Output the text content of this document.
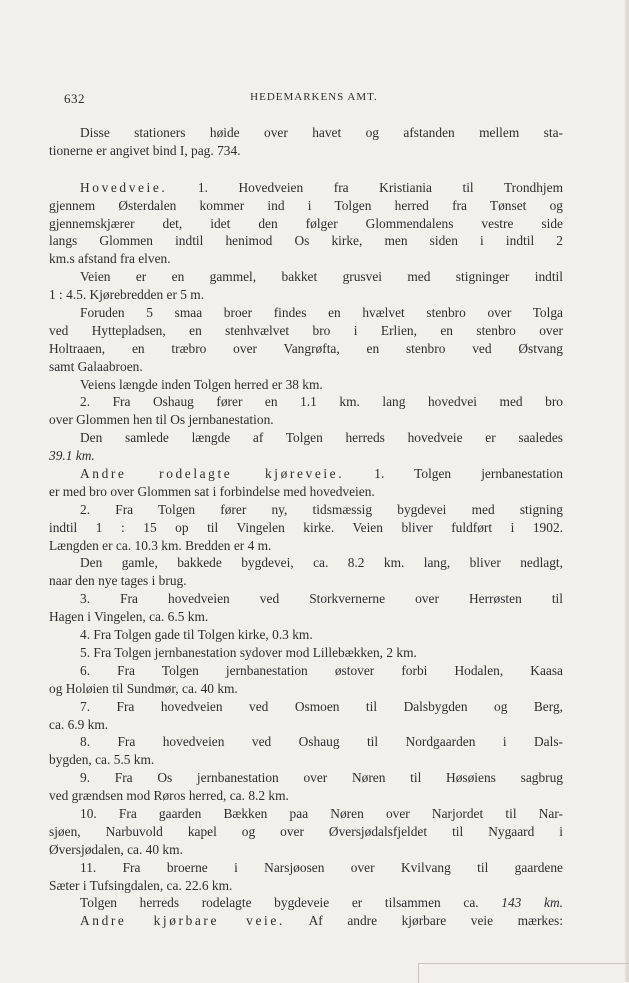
632	HEDEMARKENS AMT.
Disse stationers høide over havet og afstanden mellem sta-
tionerne er angivet bind I, pag. 734.
Hovedveie. 1. Hovedveien fra Kristiania til Trondhjem
gjennem Østerdalen kommer ind i Tolgen herred fra Tønset og
gjennemskjærer det, idet den følger Glommendalens vestre side
langs Glommen indtil henimod Os kirke, men siden i indtil 2
km.s afstand fra elven.
Veien er en gammel, bakket grusvei med stigninger indtil
1 : 4.5. Kjørebredden er 5 m.
Foruden 5 smaa broer findes en hvælvet stenbro over Tolga
ved Hyttepladsen, en stenhvælvet bro i Erlien, en stenbro over
Holtraaen, en træbro over Vangrøfta, en stenbro ved Østvang
samt Galaabroen.
Veiens længde inden Tolgen herred er 38 km.
2. Fra Oshaug fører en 1.1 km. lang hovedvei med bro
over Glommen hen til Os jernbanestation.
Den samlede længde af Tolgen herreds hovedveie er saaledes
39.1 km.
Andre rodelagte kjøreveie. 1. Tolgen jernbanestation
er med bro over Glommen sat i forbindelse med hovedveien.
2. Fra Tolgen fører ny, tidsmæssig bygdevei med stigning
indtil 1 : 15 op til Vingelen kirke. Veien bliver fuldført i 1902.
Længden er ca. 10.3 km. Bredden er 4 m.
Den gamle, bakkede bygdevei, ca. 8.2 km. lang, bliver nedlagt,
naar den nye tages i brug.
3. Fra hovedveien ved Storkvernerne over Herrøsten til
Hagen i Vingelen, ca. 6.5 km.
4. Fra Tolgen gade til Tolgen kirke, 0.3 km.
5. Fra Tolgen jernbanestation sydover mod Lillebækken, 2 km.
6. Fra Tolgen jernbanestation østover forbi Hodalen, Kaasa
og Holøien til Sundmør, ca. 40 km.
7. Fra hovedveien ved Osmoen til Dalsbygden og Berg,
ca. 6.9 km.
8. Fra hovedveien ved Oshaug til Nordgaarden i Dals-
bygden, ca. 5.5 km.
9. Fra Os jernbanestation over Nøren til Høsøiens sagbrug
ved grændsen mod Røros herred, ca. 8.2 km.
10. Fra gaarden Bækken paa Nøren over Narjordet til Nar-
sjøen, Narbuvold kapel og over Øversjødalsfjeldet til Nygaard i
Øversjødalen, ca. 40 km.
11. Fra broerne i Narsjøosen over Kvilvang til gaardene
Sæter i Tufsingdalen, ca. 22.6 km.
Tolgen herreds rodelagte bygdeveie er tilsammen ca. 143 km.
Andre kjørbare veie. Af andre kjørbare veie mærkes:
